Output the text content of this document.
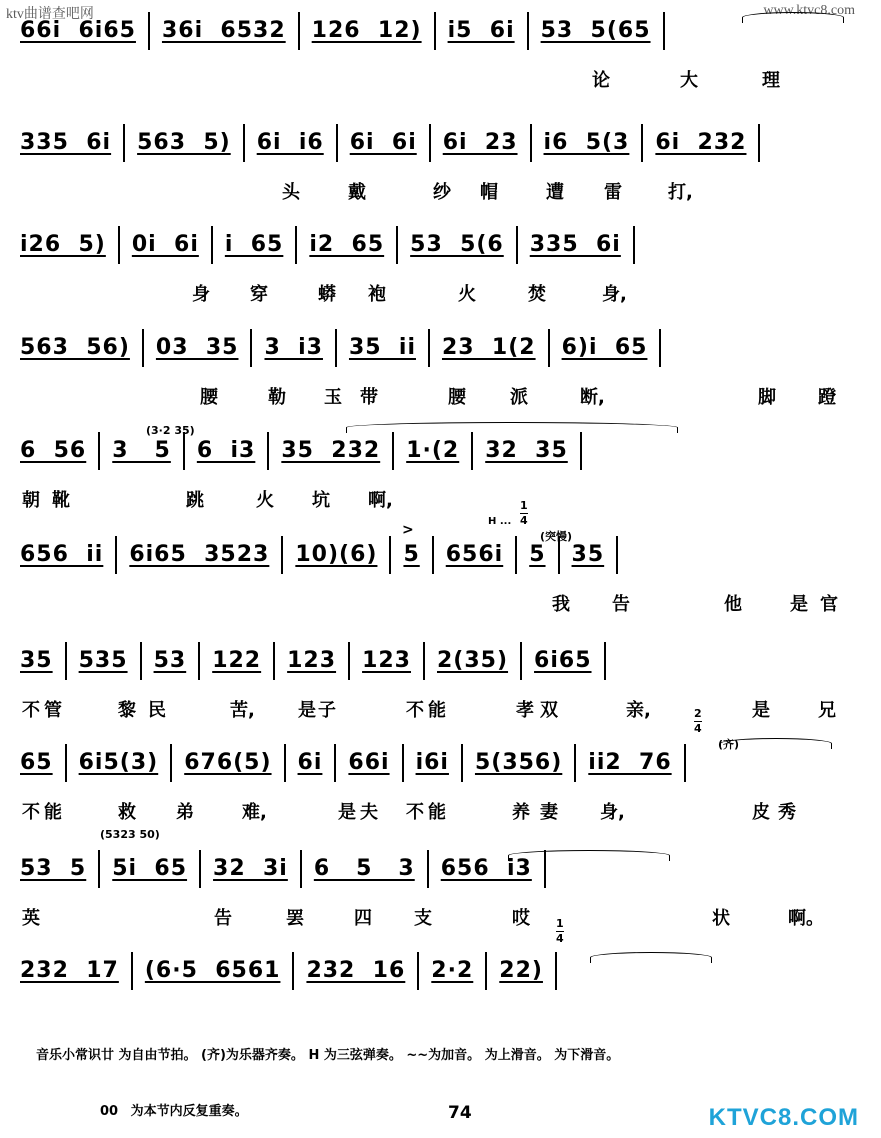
ktv曲谱查吧网	www.ktvc8.com
66i  6i65 36i  6532 126  12) i5  6i 53  5(65
论	大	理
335  6i 563  5) 6i  i6 6i  6i 6i  23 i6  5(3 6i  232
头	戴	纱 帽	遭 雷	打,
i26  5) 0i  6i i  65 i2  65 53  5(6 335  6i
身 穿	蟒 袍	火	焚	身,
563  56) 03  35 3  i3 35  ii 23  1(2 6)i  65
腰	勒 玉 带	腰 派	断,	脚 蹬
6  56 3   5 6  i3 35  232 1·(2 32  35
朝 靴	跳	火 坑 啊,
656  ii 6i65  3523 10)(6) 5 656i 5 35
我 告	他	是 官
35 535 53 122 123 123 2(35) 6i65
不 管	黎 民	苦, 是 子	不 能	孝 双	亲,	是	兄
65 6i5(3) 676(5) 6i 66i i6i 5(356) ii2  76
不 能	救 弟	难,	是 夫 不 能	养 妻 身,	皮 秀
53  5 5i  65 32  3i 6   5   3 656  i3
英	告	罢	四 支	哎	状	啊。
232  17 (6·5  6561 232  16 2·2 22)
(突慢)
(齐)
H ...
>
(3·2 35)
(5323 50)
1
4
2
4
1
4
音乐小常识廿 为自由节拍。 (齐)为乐器齐奏。 H 为三弦弹奏。 ~~为加音。 为上滑音。 为下滑音。
00 为本节内反复重奏。	74	KTVC8.COM
